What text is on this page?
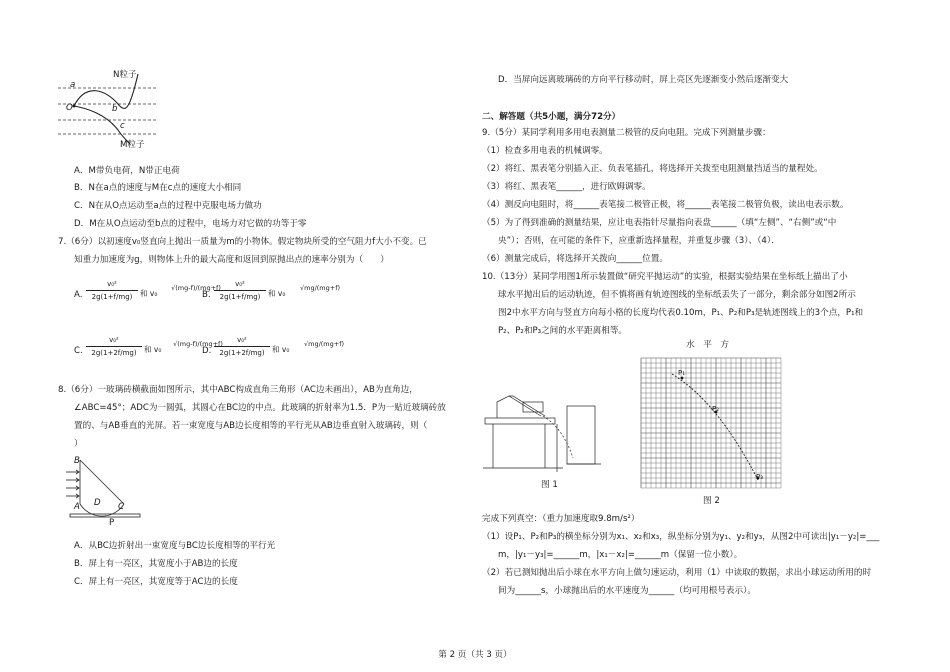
N粒子
M粒子
a
b
c
O
A．M带负电荷，N带正电荷
B．N在a点的速度与M在c点的速度大小相同
C．N在从O点运动至a点的过程中克服电场力做功
D．M在从O点运动至b点的过程中，电场力对它做的功等于零
7.（6分）以初速度v₀竖直向上抛出一质量为m的小物体。假定物块所受的空气阻力f大小不变。已
知重力加速度为g，则物体上升的最大高度和返回到原抛出点的速率分别为（　　）
A.
v₀²
2g(1+f/mg)	和 v₀
√(mg-f)/(mg+f)
B.
v₀²
2g(1+f/mg)	和 v₀
√mg/(mg+f)
C.
v₀²
2g(1+2f/mg) 和 v₀
√(mg-f)/(mg+f)
D.
v₀²
2g(1+2f/mg) 和 v₀
√mg/(mg+f)
8.（6分）一玻璃砖横截面如图所示，其中ABC构成直角三角形（AC边未画出），AB为直角边，
∠ABC=45°；ADC为一圆弧，其圆心在BC边的中点。此玻璃的折射率为1.5．P为一贴近玻璃砖放
置的、与AB垂直的光屏。若一束宽度与AB边长度相等的平行光从AB边垂直射入玻璃砖，则（
）
B
A D C
P
A．从BC边折射出一束宽度与BC边长度相等的平行光
B．屏上有一亮区，其宽度小于AB边的长度
C．屏上有一亮区，其宽度等于AC边的长度
D．当屏向远离玻璃砖的方向平行移动时，屏上亮区先逐渐变小然后逐渐变大
二、解答题（共5小题，满分72分）
9.（5分）某同学利用多用电表测量二极管的反向电阻。完成下列测量步骤：
（1）检查多用电表的机械调零。
（2）将红、黑表笔分别插入正、负表笔插孔，将选择开关拨至电阻测量挡适当的量程处。
（3）将红、黑表笔______，进行欧姆调零。
（4）测反向电阻时，将______表笔接二极管正极，将______表笔接二极管负极，读出电表示数。
（5）为了得到准确的测量结果，应让电表指针尽量指向表盘______（填“左侧”、“右侧”或“中
央”）；否则，在可能的条件下，应重新选择量程，并重复步骤（3）、（4）．
（6）测量完成后，将选择开关拨向______位置。
10.（13分）某同学用图1所示装置做“研究平抛运动”的实验，根据实验结果在坐标纸上描出了小
球水平抛出后的运动轨迹，但不慎将画有轨迹图线的坐标纸丢失了一部分，剩余部分如图2所示
图2中水平方向与竖直方向每小格的长度均代表0.10m，P₁、P₂和P₃是轨迹图线上的3个点，P₁和
P₂、P₂和P₃之间的水平距离相等。
图 1
水　平　方
图 2
P₁
P₂
P₃
完成下列真空：（重力加速度取9.8m/s²）
（1）设P₁、P₂和P₃的横坐标分别为x₁、x₂和x₃，纵坐标分别为y₁、y₂和y₃，从图2中可读出|y₁－y₂|=___
m，|y₁－y₃|=______m，|x₁－x₂|=______m（保留一位小数）。
（2）若已测知抛出后小球在水平方向上做匀速运动，利用（1）中读取的数据，求出小球运动所用的时
间为______s，小球抛出后的水平速度为______（均可用根号表示）。
第 2 页（共 3 页）
